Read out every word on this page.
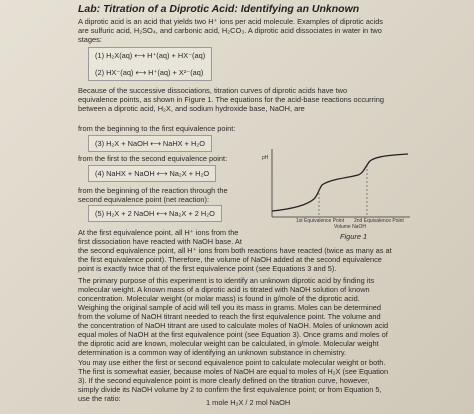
Lab: Titration of a Diprotic Acid: Identifying an Unknown
A diprotic acid is an acid that yields two H⁺ ions per acid molecule. Examples of diprotic acids
are sulfuric acid, H₂SO₄, and carbonic acid, H₂CO₃. A diprotic acid dissociates in water in two
stages:
(1) H₂X(aq) ⟷ H⁺(aq) + HX⁻(aq)
(2) HX⁻(aq) ⟷ H⁺(aq) + X²⁻(aq)
Because of the successive dissociations, titration curves of diprotic acids have two
equivalence points, as shown in Figure 1. The equations for the acid-base reactions occurring
between a diprotic acid, H₂X, and sodium hydroxide base, NaOH, are
from the beginning to the first equivalence point:
(3) H₂X + NaOH ⟷ NaHX + H₂O
from the first to the second equivalence point:
(4) NaHX + NaOH ⟷ Na₂X + H₂O
from the beginning of the reaction through the
second equivalence point (net reaction):
(5) H₂X + 2 NaOH ⟷ Na₂X + 2 H₂O
pH
1st Equivalence Point 2nd Equivalence Point
Volume NaOH
Figure 1
At the first equivalence point, all H⁺ ions from the
first dissociation have reacted with NaOH base. At
the second equivalence point, all H⁺ ions from both reactions have reacted (twice as many as at
the first equivalence point). Therefore, the volume of NaOH added at the second equivalence
point is exactly twice that of the first equivalence point (see Equations 3 and 5).
The primary purpose of this experiment is to identify an unknown diprotic acid by finding its
molecular weight. A known mass of a diprotic acid is titrated with NaOH solution of known
concentration. Molecular weight (or molar mass) is found in g/mole of the diprotic acid.
Weighing the original sample of acid will tell you its mass in grams. Moles can be determined
from the volume of NaOH titrant needed to reach the first equivalence point. The volume and
the concentration of NaOH titrant are used to calculate moles of NaOH. Moles of unknown acid
equal moles of NaOH at the first equivalence point (see Equation 3). Once grams and moles of
the diprotic acid are known, molecular weight can be calculated, in g/mole. Molecular weight
determination is a common way of identifying an unknown substance in chemistry.
You may use either the first or second equivalence point to calculate molecular weight or both.
The first is somewhat easier, because moles of NaOH are equal to moles of H₂X (see Equation
3). If the second equivalence point is more clearly defined on the titration curve, however,
simply divide its NaOH volume by 2 to confirm the first equivalence point; or from Equation 5,
use the ratio:	1 mole H₂X / 2 mol NaOH
